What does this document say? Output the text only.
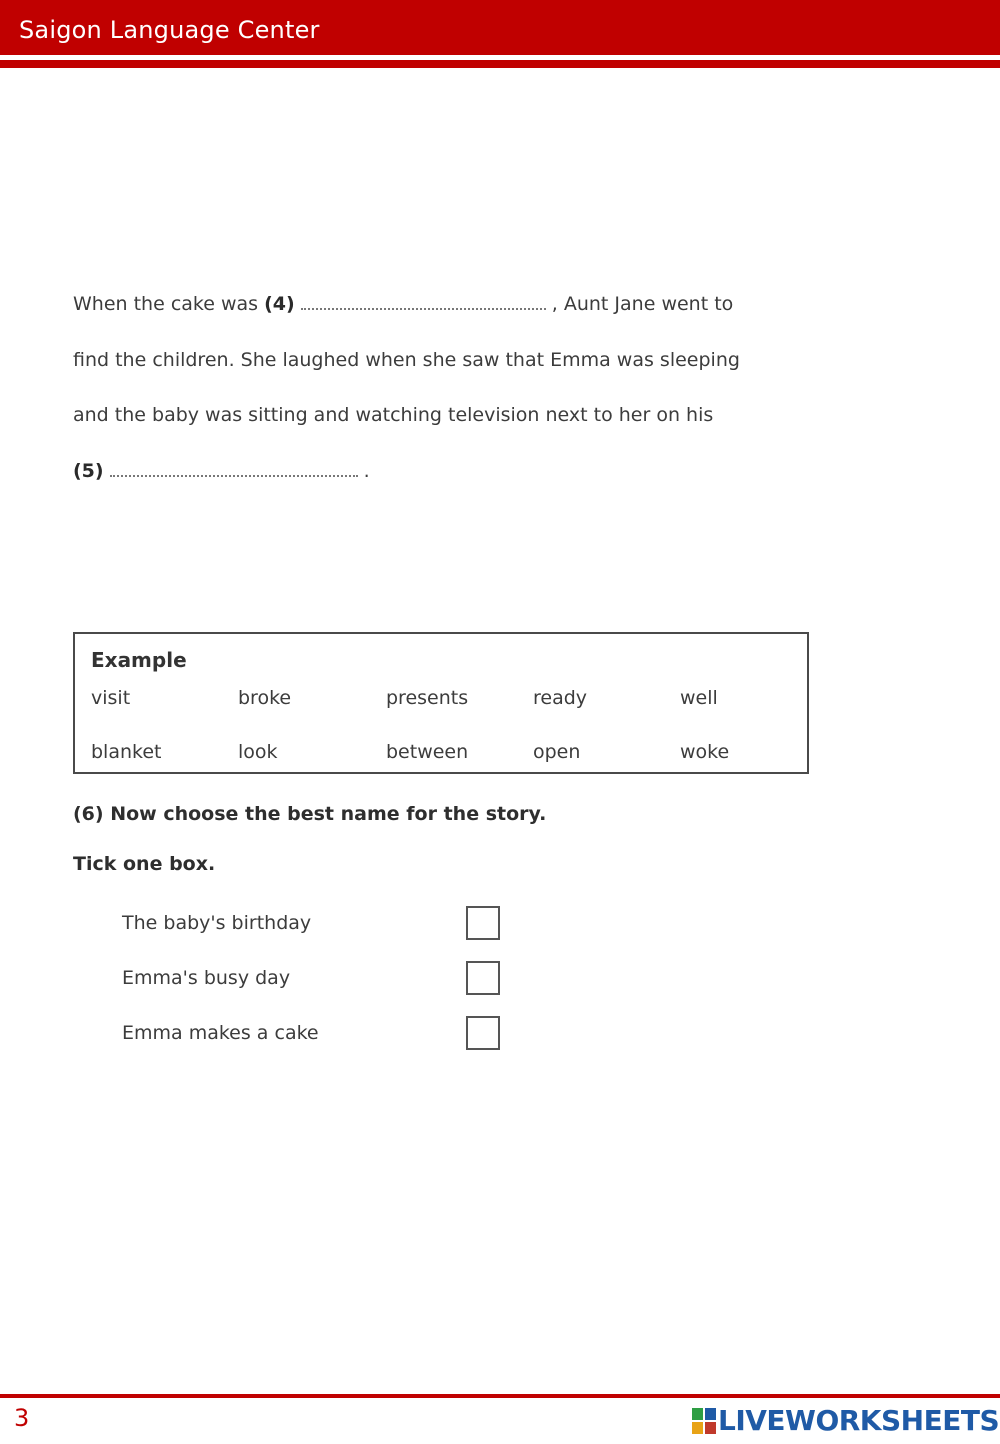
Saigon Language Center
When the cake was (4)	, Aunt Jane went to
find the children. She laughed when she saw that Emma was sleeping
and the baby was sitting and watching television next to her on his
(5)	.
Example
visit	broke	presents	ready	well
blanket	look	between	open	woke
(6) Now choose the best name for the story.
Tick one box.
The baby's birthday
Emma's busy day
Emma makes a cake
3	LIVEWORKSHEETS
